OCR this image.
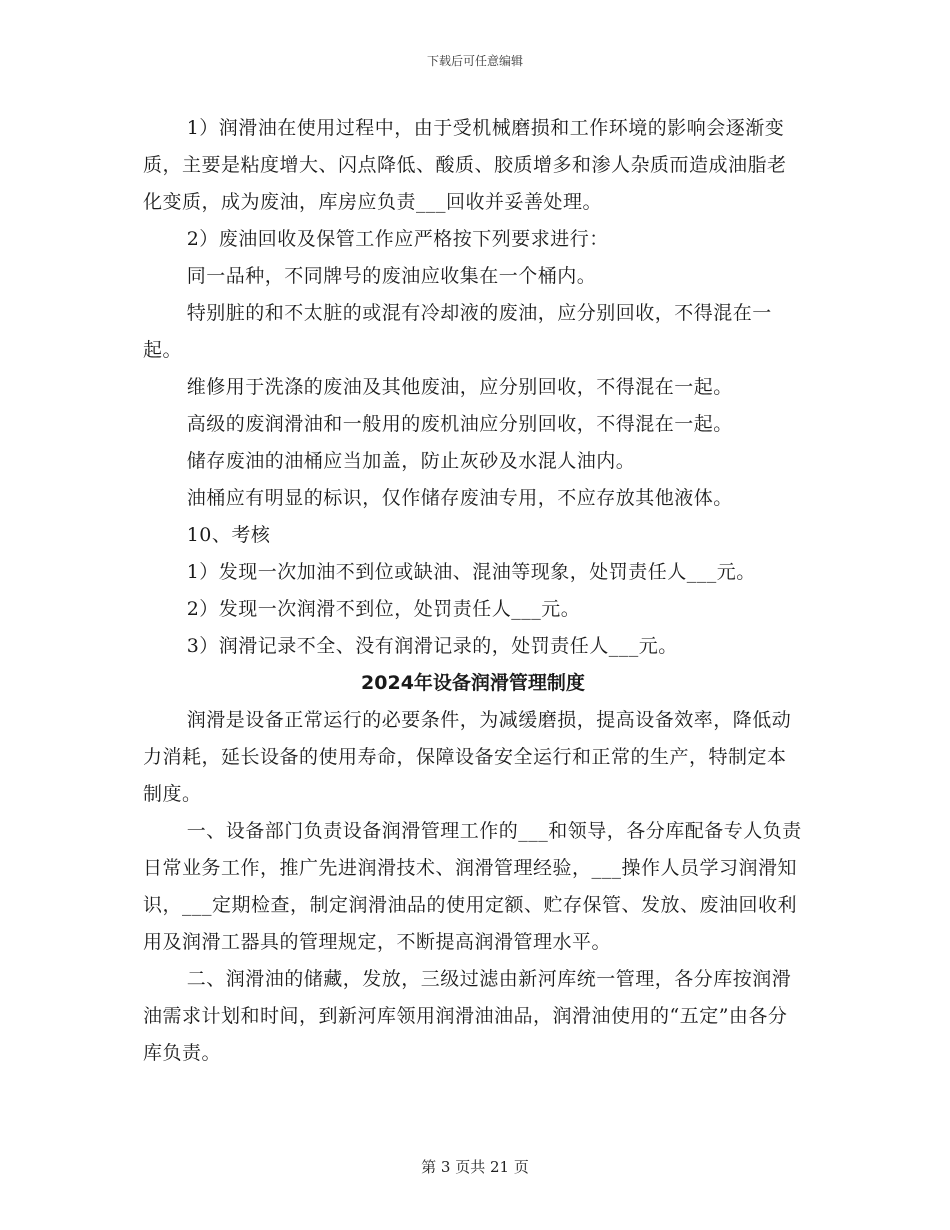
下载后可任意编辑

1）润滑油在使用过程中，由于受机械磨损和工作环境的影响会逐渐变质，主要是粘度增大、闪点降低、酸质、胶质增多和渗人杂质而造成油脂老化变质，成为废油，库房应负责___回收并妥善处理。

2）废油回收及保管工作应严格按下列要求进行：

同一品种，不同牌号的废油应收集在一个桶内。

特别脏的和不太脏的或混有冷却液的废油，应分别回收，不得混在一起。

维修用于洗涤的废油及其他废油，应分别回收，不得混在一起。

高级的废润滑油和一般用的废机油应分别回收，不得混在一起。

储存废油的油桶应当加盖，防止灰砂及水混人油内。

油桶应有明显的标识，仅作储存废油专用，不应存放其他液体。

10、考核

1）发现一次加油不到位或缺油、混油等现象，处罚责任人___元。

2）发现一次润滑不到位，处罚责任人___元。

3）润滑记录不全、没有润滑记录的，处罚责任人___元。

2024年设备润滑管理制度

润滑是设备正常运行的必要条件，为减缓磨损，提高设备效率，降低动力消耗，延长设备的使用寿命，保障设备安全运行和正常的生产，特制定本制度。

一、设备部门负责设备润滑管理工作的___和领导，各分库配备专人负责日常业务工作，推广先进润滑技术、润滑管理经验，___操作人员学习润滑知识，___定期检查，制定润滑油品的使用定额、贮存保管、发放、废油回收利用及润滑工器具的管理规定，不断提高润滑管理水平。

二、润滑油的储藏，发放，三级过滤由新河库统一管理，各分库按润滑油需求计划和时间，到新河库领用润滑油油品，润滑油使用的“五定”由各分库负责。

第 3 页共 21 页
